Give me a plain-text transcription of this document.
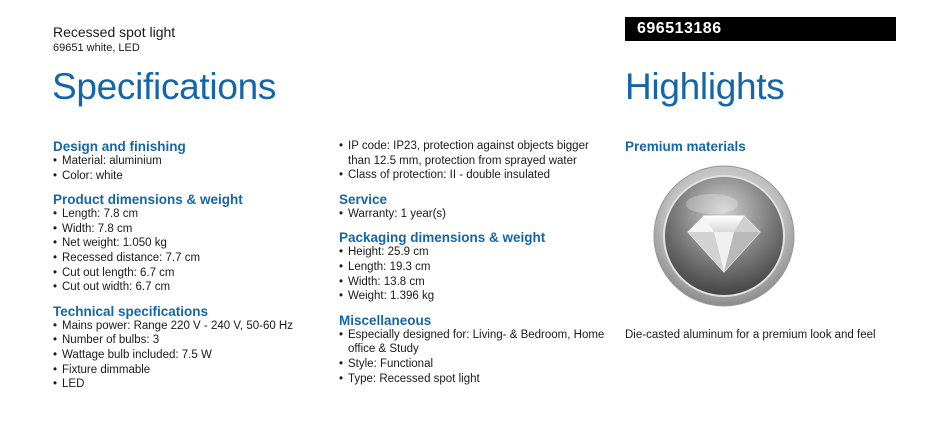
Recessed spot light
69651 white, LED
696513186
Specifications	Highlights
Design and finishing
• Material: aluminium
• Color: white
Product dimensions & weight
• Length: 7.8 cm
• Width: 7.8 cm
• Net weight: 1.050 kg
• Recessed distance: 7.7 cm
• Cut out length: 6.7 cm
• Cut out width: 6.7 cm
Technical specifications
• Mains power: Range 220 V - 240 V, 50-60 Hz
• Number of bulbs: 3
• Wattage bulb included: 7.5 W
• Fixture dimmable
• LED
• IP code: IP23, protection against objects bigger than 12.5 mm, protection from sprayed water
• Class of protection: II - double insulated
Service
• Warranty: 1 year(s)
Packaging dimensions & weight
• Height: 25.9 cm
• Length: 19.3 cm
• Width: 13.8 cm
• Weight: 1.396 kg
Miscellaneous
• Especially designed for: Living- & Bedroom, Home office & Study
• Style: Functional
• Type: Recessed spot light
Premium materials
Die-casted aluminum for a premium look and feel
